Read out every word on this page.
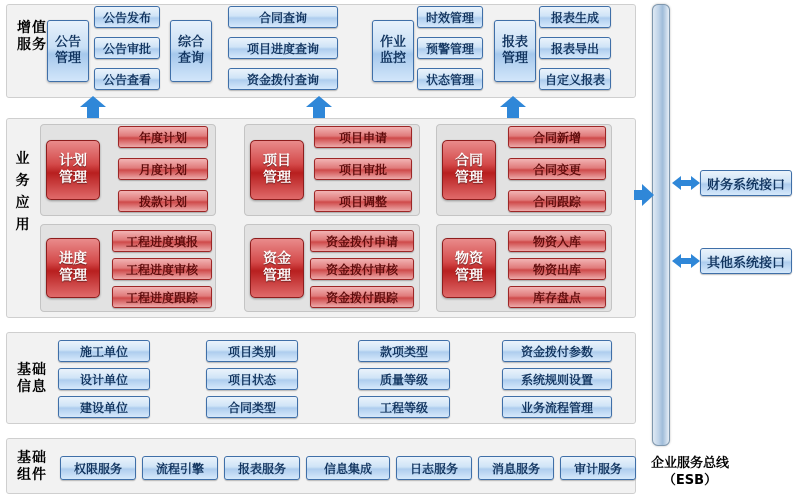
增值
服务 公告
管理
公告发布
公告审批
公告查看
综合
查询
合同查询
项目进度查询
资金拨付查询
作业
监控
时效管理
预警管理
状态管理
报表
管理
报表生成
报表导出
自定义报表
业
务
应
用
计划
管理
年度计划
月度计划
拨款计划
项目
管理
项目申请
项目审批
项目调整
合同
管理
合同新增
合同变更
合同跟踪
进度
管理
工程进度填报
工程进度审核
工程进度跟踪
资金
管理
资金拨付申请
资金拨付审核
资金拨付跟踪
物资
管理
物资入库
物资出库
库存盘点
基础
信息
施工单位
设计单位
建设单位
项目类别
项目状态
合同类型
款项类型
质量等级
工程等级
资金拨付参数
系统规则设置
业务流程管理
基础
组件	权限服务	流程引擎	报表服务	信息集成	日志服务	消息服务	审计服务	企业服务总线
（ESB）
财务系统接口
其他系统接口
